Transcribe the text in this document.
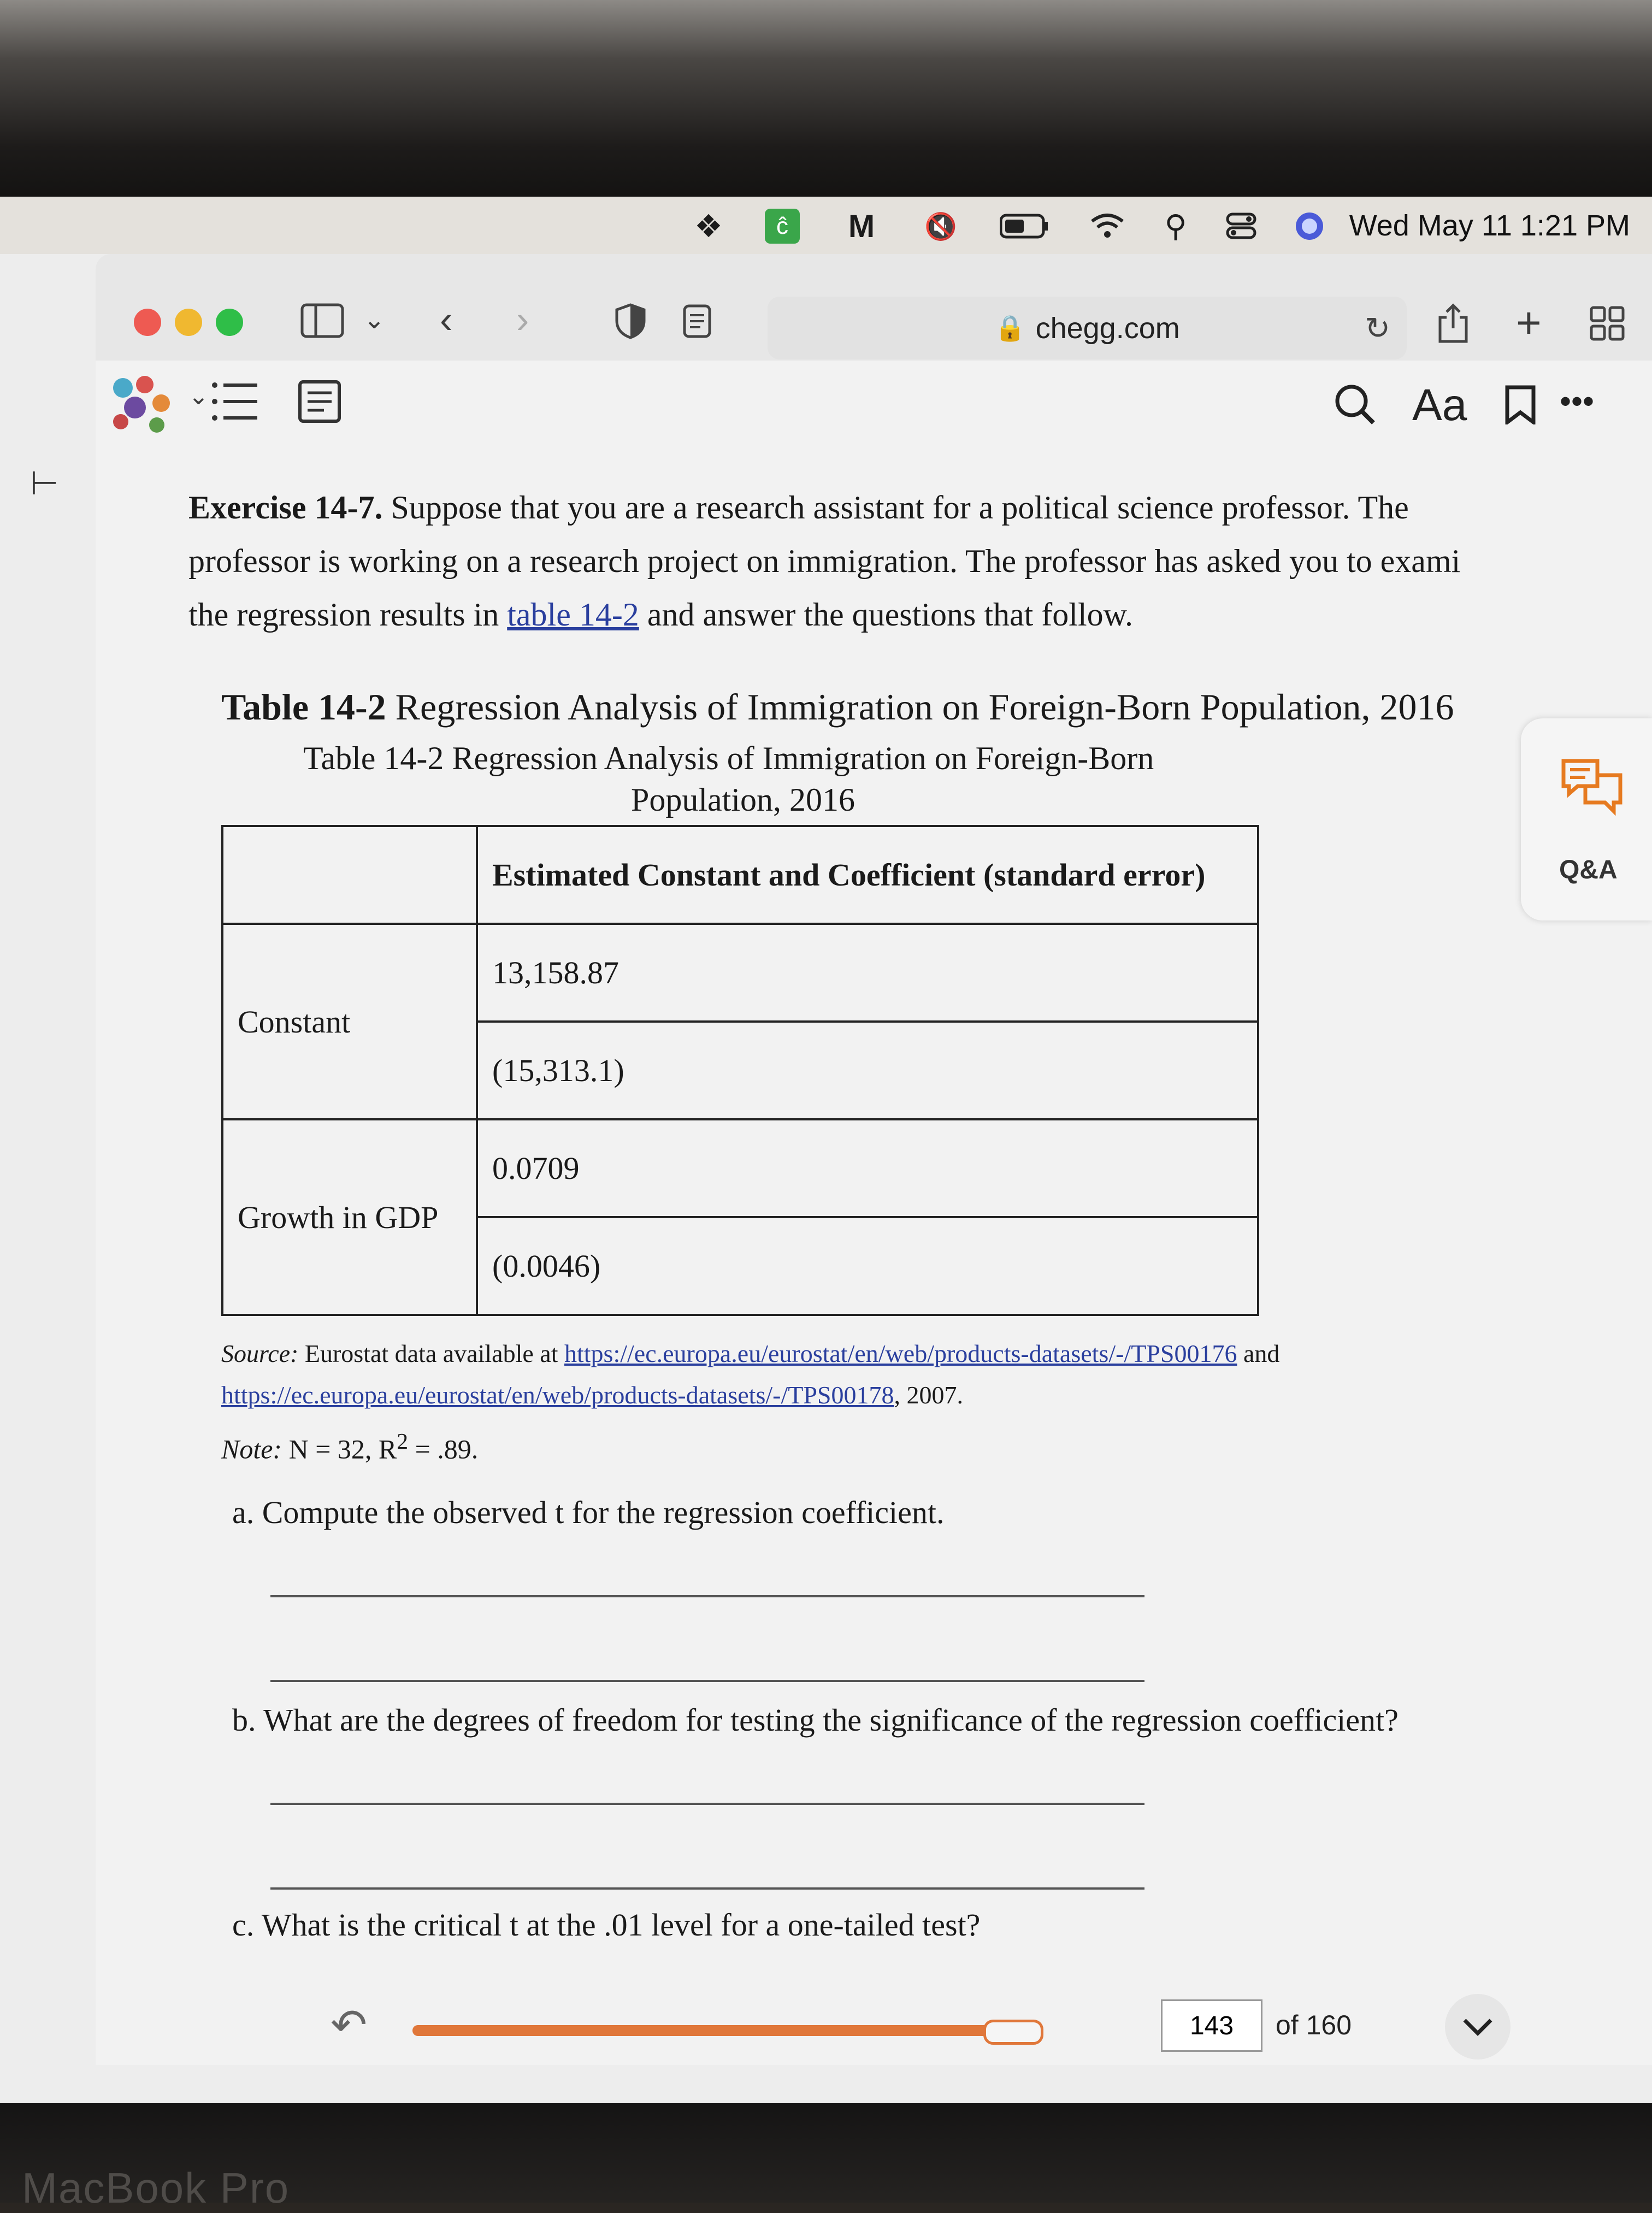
❖	ĉ	M 🔇	⚲	Wed May 11 1:21 PM
⌄ ‹ ›	🔒 chegg.com	↻	+
⌄	Aa	•••
⊢
Q&A
Exercise 14-7. Suppose that you are a research assistant for a political science professor. The professor is working on a research project on immigration. The professor has asked you to exami
the regression results in table 14-2 and answer the questions that follow.
Table 14-2 Regression Analysis of Immigration on Foreign-Born Population, 2016
Table 14-2 Regression Analysis of Immigration on Foreign-Born
Population, 2016
	Estimated Constant and Coefficient (standard error)
Constant	13,158.87
	(15,313.1)
Growth in GDP	0.0709
	(0.0046)
Source: Eurostat data available at https://ec.europa.eu/eurostat/en/web/products-datasets/-/TPS00176 and
https://ec.europa.eu/eurostat/en/web/products-datasets/-/TPS00178, 2007.
Note: N = 32, $R^2 = .89$.
a. Compute the observed t for the regression coefficient.
b. What are the degrees of freedom for testing the significance of the regression coefficient?
c. What is the critical t at the .01 level for a one-tailed test?
↶	143	of 160
MacBook Pro
